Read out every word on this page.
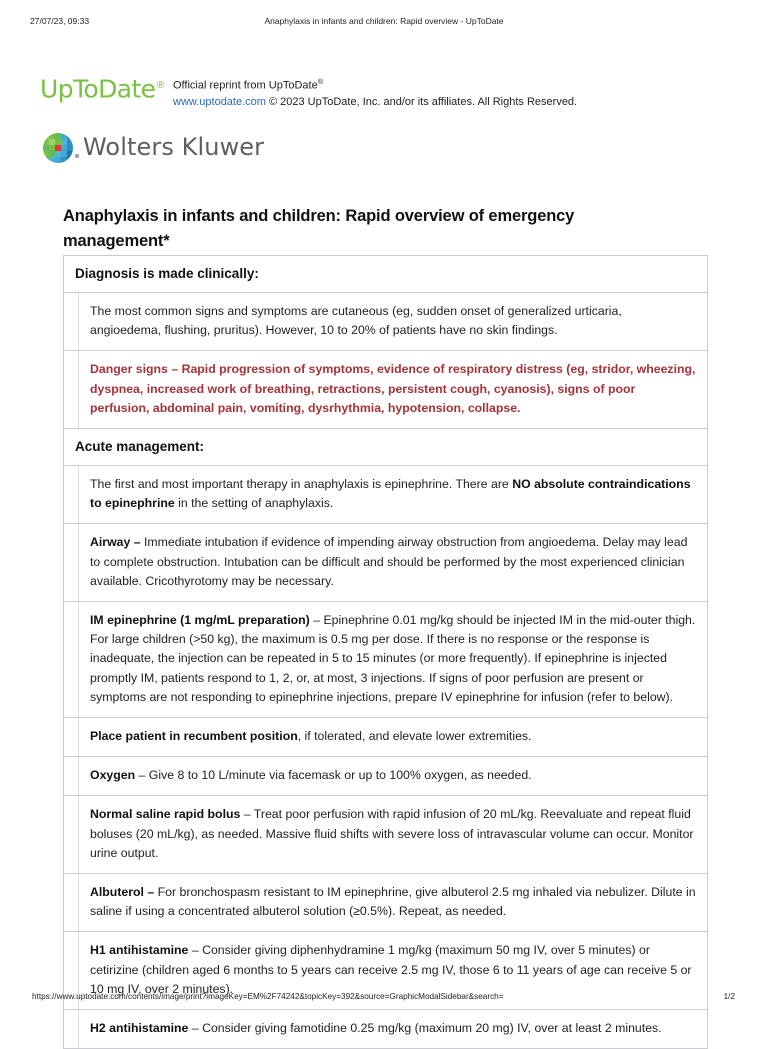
27/07/23, 09:33	Anaphylaxis in infants and children: Rapid overview - UpToDate
UpToDate® Official reprint from UpToDate®
www.uptodate.com © 2023 UpToDate, Inc. and/or its affiliates. All Rights Reserved.
Wolters Kluwer
Anaphylaxis in infants and children: Rapid overview of emergency management*
Diagnosis is made clinically:
The most common signs and symptoms are cutaneous (eg, sudden onset of generalized urticaria, angioedema, flushing, pruritus). However, 10 to 20% of patients have no skin findings.
Danger signs – Rapid progression of symptoms, evidence of respiratory distress (eg, stridor, wheezing, dyspnea, increased work of breathing, retractions, persistent cough, cyanosis), signs of poor perfusion, abdominal pain, vomiting, dysrhythmia, hypotension, collapse.
Acute management:
The first and most important therapy in anaphylaxis is epinephrine. There are NO absolute contraindications to epinephrine in the setting of anaphylaxis.
Airway – Immediate intubation if evidence of impending airway obstruction from angioedema. Delay may lead to complete obstruction. Intubation can be difficult and should be performed by the most experienced clinician available. Cricothyrotomy may be necessary.
IM epinephrine (1 mg/mL preparation) – Epinephrine 0.01 mg/kg should be injected IM in the mid-outer thigh. For large children (>50 kg), the maximum is 0.5 mg per dose. If there is no response or the response is inadequate, the injection can be repeated in 5 to 15 minutes (or more frequently). If epinephrine is injected promptly IM, patients respond to 1, 2, or, at most, 3 injections. If signs of poor perfusion are present or symptoms are not responding to epinephrine injections, prepare IV epinephrine for infusion (refer to below).
Place patient in recumbent position, if tolerated, and elevate lower extremities.
Oxygen – Give 8 to 10 L/minute via facemask or up to 100% oxygen, as needed.
Normal saline rapid bolus – Treat poor perfusion with rapid infusion of 20 mL/kg. Reevaluate and repeat fluid boluses (20 mL/kg), as needed. Massive fluid shifts with severe loss of intravascular volume can occur. Monitor urine output.
Albuterol – For bronchospasm resistant to IM epinephrine, give albuterol 2.5 mg inhaled via nebulizer. Dilute in saline if using a concentrated albuterol solution (≥0.5%). Repeat, as needed.
H1 antihistamine – Consider giving diphenhydramine 1 mg/kg (maximum 50 mg IV, over 5 minutes) or cetirizine (children aged 6 months to 5 years can receive 2.5 mg IV, those 6 to 11 years of age can receive 5 or 10 mg IV, over 2 minutes).
H2 antihistamine – Consider giving famotidine 0.25 mg/kg (maximum 20 mg) IV, over at least 2 minutes.
https://www.uptodate.com/contents/image/print?imageKey=EM%2F74242&topicKey=392&source=GraphicModalSidebar&search=	1/2
